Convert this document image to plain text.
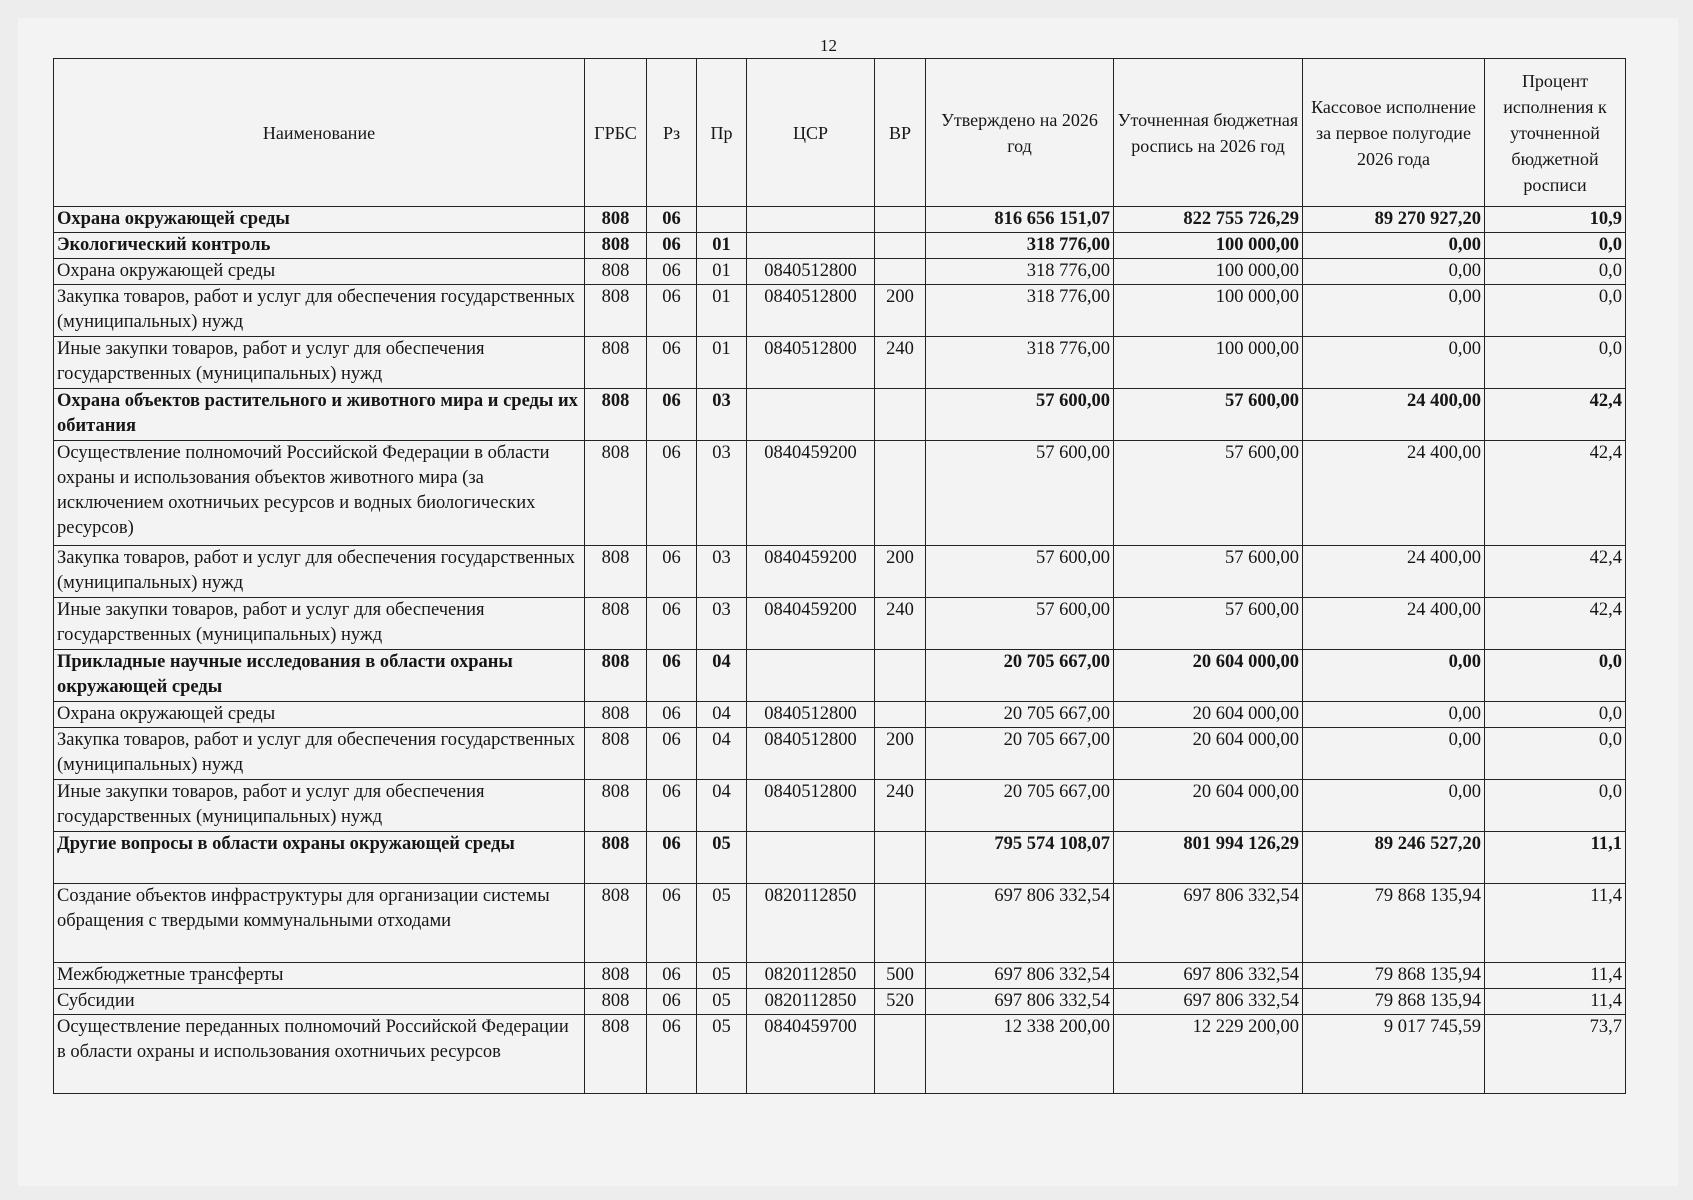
12
Наименование	ГРБС	Рз	Пр	ЦСР	ВР	Утверждено на 2026 год	Уточненная бюджетная роспись на 2026 год	Кассовое исполнение за первое полугодие 2026 года	Процент исполнения к уточненной бюджетной росписи
Охрана окружающей среды	808	06				816 656 151,07	822 755 726,29	89 270 927,20	10,9
Экологический контроль	808	06	01			318 776,00	100 000,00	0,00	0,0
Охрана окружающей среды	808	06	01	0840512800		318 776,00	100 000,00	0,00	0,0
Закупка товаров, работ и услуг для обеспечения государственных (муниципальных) нужд	808	06	01	0840512800	200	318 776,00	100 000,00	0,00	0,0
Иные закупки товаров, работ и услуг для обеспечения государственных (муниципальных) нужд	808	06	01	0840512800	240	318 776,00	100 000,00	0,00	0,0
Охрана объектов растительного и животного мира и среды их обитания	808	06	03			57 600,00	57 600,00	24 400,00	42,4
Осуществление полномочий Российской Федерации в области охраны и использования объектов животного мира (за исключением охотничьих ресурсов и водных биологических ресурсов)	808	06	03	0840459200		57 600,00	57 600,00	24 400,00	42,4
Закупка товаров, работ и услуг для обеспечения государственных (муниципальных) нужд	808	06	03	0840459200	200	57 600,00	57 600,00	24 400,00	42,4
Иные закупки товаров, работ и услуг для обеспечения государственных (муниципальных) нужд	808	06	03	0840459200	240	57 600,00	57 600,00	24 400,00	42,4
Прикладные научные исследования в области охраны окружающей среды	808	06	04			20 705 667,00	20 604 000,00	0,00	0,0
Охрана окружающей среды	808	06	04	0840512800		20 705 667,00	20 604 000,00	0,00	0,0
Закупка товаров, работ и услуг для обеспечения государственных (муниципальных) нужд	808	06	04	0840512800	200	20 705 667,00	20 604 000,00	0,00	0,0
Иные закупки товаров, работ и услуг для обеспечения государственных (муниципальных) нужд	808	06	04	0840512800	240	20 705 667,00	20 604 000,00	0,00	0,0
Другие вопросы в области охраны окружающей среды	808	06	05			795 574 108,07	801 994 126,29	89 246 527,20	11,1
Создание объектов инфраструктуры для организации системы обращения с твердыми коммунальными отходами	808	06	05	0820112850		697 806 332,54	697 806 332,54	79 868 135,94	11,4
Межбюджетные трансферты	808	06	05	0820112850	500	697 806 332,54	697 806 332,54	79 868 135,94	11,4
Субсидии	808	06	05	0820112850	520	697 806 332,54	697 806 332,54	79 868 135,94	11,4
Осуществление переданных полномочий Российской Федерации в области охраны и использования охотничьих ресурсов	808	06	05	0840459700		12 338 200,00	12 229 200,00	9 017 745,59	73,7
